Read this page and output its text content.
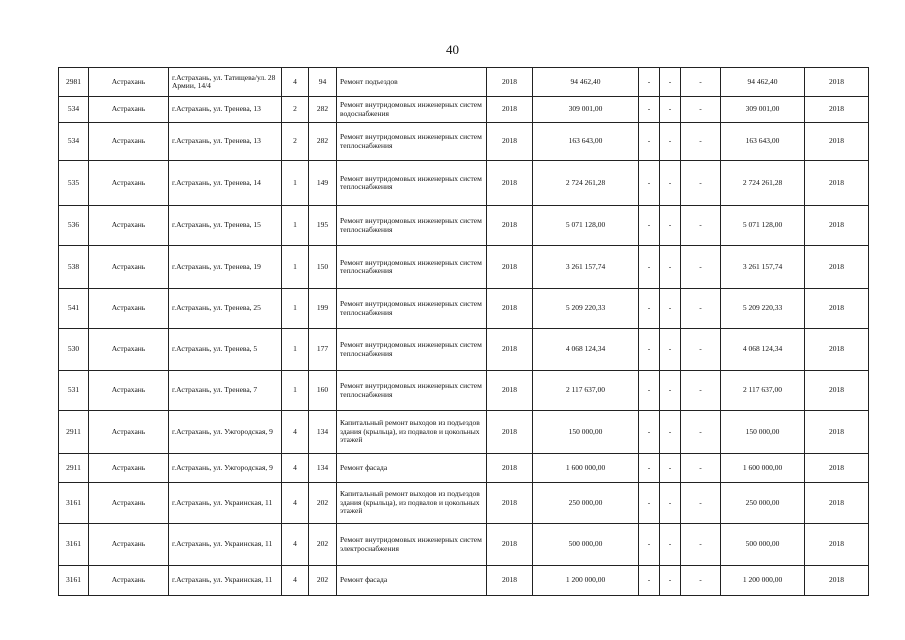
40
2981	Астрахань	г.Астрахань, ул. Татищева/ул. 28 Армии, 14/4	4	94	Ремонт подъездов	2018	94 462,40	-	-	-	94 462,40	2018
534	Астрахань	г.Астрахань, ул. Тренева, 13	2	282	Ремонт внутридомовых инженерных систем водоснабжения	2018	309 001,00	-	-	-	309 001,00	2018
534	Астрахань	г.Астрахань, ул. Тренева, 13	2	282	Ремонт внутридомовых инженерных систем теплоснабжения	2018	163 643,00	-	-	-	163 643,00	2018
535	Астрахань	г.Астрахань, ул. Тренева, 14	1	149	Ремонт внутридомовых инженерных систем теплоснабжения	2018	2 724 261,28	-	-	-	2 724 261,28	2018
536	Астрахань	г.Астрахань, ул. Тренева, 15	1	195	Ремонт внутридомовых инженерных систем теплоснабжения	2018	5 071 128,00	-	-	-	5 071 128,00	2018
538	Астрахань	г.Астрахань, ул. Тренева, 19	1	150	Ремонт внутридомовых инженерных систем теплоснабжения	2018	3 261 157,74	-	-	-	3 261 157,74	2018
541	Астрахань	г.Астрахань, ул. Тренева, 25	1	199	Ремонт внутридомовых инженерных систем теплоснабжения	2018	5 209 220,33	-	-	-	5 209 220,33	2018
530	Астрахань	г.Астрахань, ул. Тренева, 5	1	177	Ремонт внутридомовых инженерных систем теплоснабжения	2018	4 068 124,34	-	-	-	4 068 124,34	2018
531	Астрахань	г.Астрахань, ул. Тренева, 7	1	160	Ремонт внутридомовых инженерных систем теплоснабжения	2018	2 117 637,00	-	-	-	2 117 637,00	2018
2911	Астрахань	г.Астрахань, ул. Ужгородская, 9	4	134	Капитальный ремонт выходов из подъездов здания (крыльца), из подвалов и цокольных этажей	2018	150 000,00	-	-	-	150 000,00	2018
2911	Астрахань	г.Астрахань, ул. Ужгородская, 9	4	134	Ремонт фасада	2018	1 600 000,00	-	-	-	1 600 000,00	2018
3161	Астрахань	г.Астрахань, ул. Украинская, 11	4	202	Капитальный ремонт выходов из подъездов здания (крыльца), из подвалов и цокольных этажей	2018	250 000,00	-	-	-	250 000,00	2018
3161	Астрахань	г.Астрахань, ул. Украинская, 11	4	202	Ремонт внутридомовых инженерных систем электроснабжения	2018	500 000,00	-	-	-	500 000,00	2018
3161	Астрахань	г.Астрахань, ул. Украинская, 11	4	202	Ремонт фасада	2018	1 200 000,00	-	-	-	1 200 000,00	2018
